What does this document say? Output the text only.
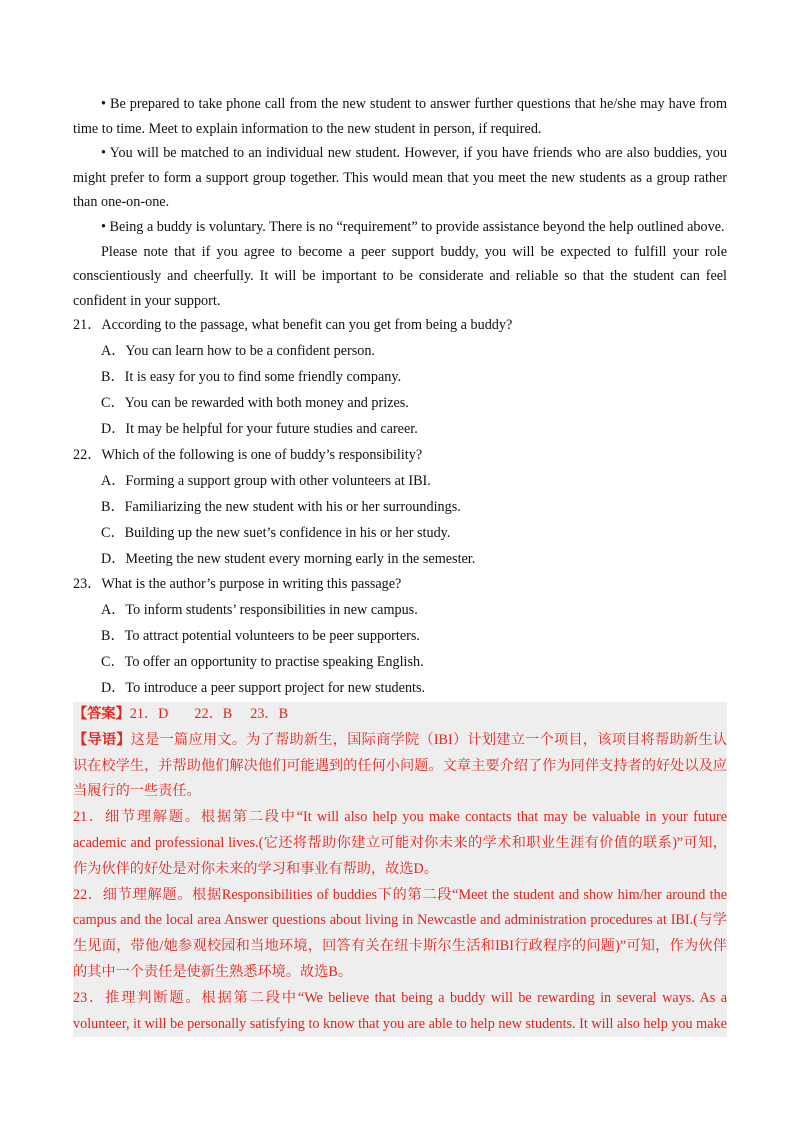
• Be prepared to take phone call from the new student to answer further questions that he/she may have from time to time. Meet to explain information to the new student in person, if required.

• You will be matched to an individual new student. However, if you have friends who are also buddies, you might prefer to form a support group together. This would mean that you meet the new students as a group rather than one-on-one.

• Being a buddy is voluntary. There is no “requirement” to provide assistance beyond the help outlined above.

Please note that if you agree to become a peer support buddy, you will be expected to fulfill your role conscientiously and cheerfully. It will be important to be considerate and reliable so that the student can feel confident in your support.

21．According to the passage, what benefit can you get from being a buddy?

A．You can learn how to be a confident person.

B．It is easy for you to find some friendly company.

C．You can be rewarded with both money and prizes.

D．It may be helpful for your future studies and career.

22．Which of the following is one of buddy’s responsibility?

A．Forming a support group with other volunteers at IBI.

B．Familiarizing the new student with his or her surroundings.

C．Building up the new suet’s confidence in his or her study.

D．Meeting the new student every morning early in the semester.

23．What is the author’s purpose in writing this passage?

A．To inform students’ responsibilities in new campus.

B．To attract potential volunteers to be peer supporters.

C．To offer an opportunity to practise speaking English.

D．To introduce a peer support project for new students.

【答案】21．D 22．B 23．B

【导语】这是一篇应用文。为了帮助新生，国际商学院（IBI）计划建立一个项目，该项目将帮助新生认识在校学生，并帮助他们解决他们可能遇到的任何小问题。文章主要介绍了作为同伴支持者的好处以及应当履行的一些责任。

21．细节理解题。根据第二段中“It will also help you make contacts that may be valuable in your future academic and professional lives.(它还将帮助你建立可能对你未来的学术和职业生涯有价值的联系)”可知，作为伙伴的好处是对你未来的学习和事业有帮助，故选D。

22．细节理解题。根据Responsibilities of buddies下的第二段“Meet the student and show him/her around the campus and the local area Answer questions about living in Newcastle and administration procedures at IBI.(与学生见面，带他/她参观校园和当地环境，回答有关在纽卡斯尔生活和IBI行政程序的问题)”可知，作为伙伴的其中一个责任是使新生熟悉环境。故选B。

23．推理判断题。根据第二段中“We believe that being a buddy will be rewarding in several ways. As a volunteer, it will be personally satisfying to know that you are able to help new students. It will also help you make
